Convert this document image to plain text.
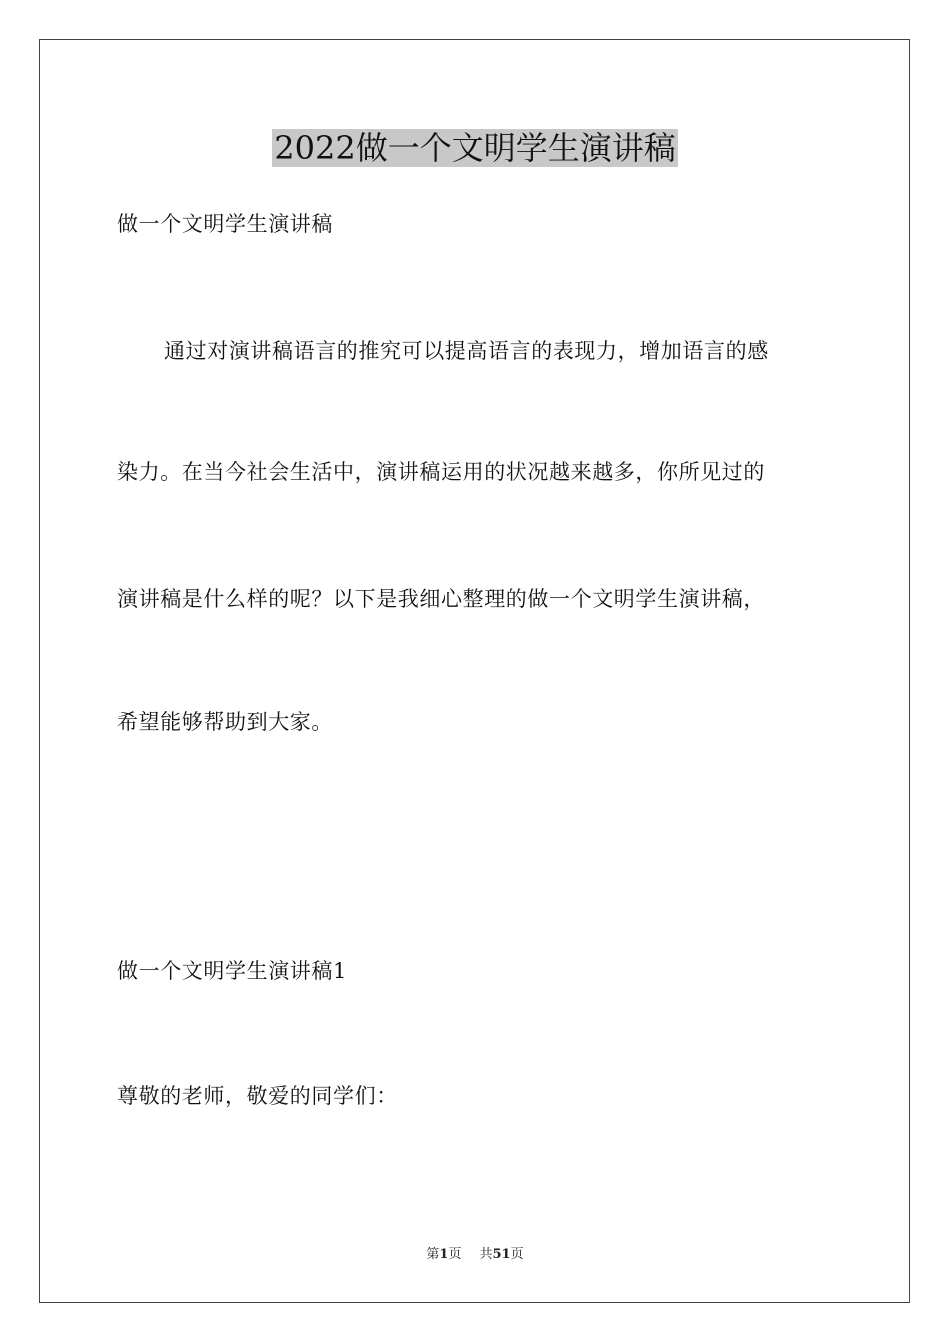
2022做一个文明学生演讲稿
做一个文明学生演讲稿
通过对演讲稿语言的推究可以提高语言的表现力，增加语言的感
染力。在当今社会生活中，演讲稿运用的状况越来越多，你所见过的
演讲稿是什么样的呢？以下是我细心整理的做一个文明学生演讲稿，
希望能够帮助到大家。
做一个文明学生演讲稿1
尊敬的老师，敬爱的同学们：
第1页 共51页
